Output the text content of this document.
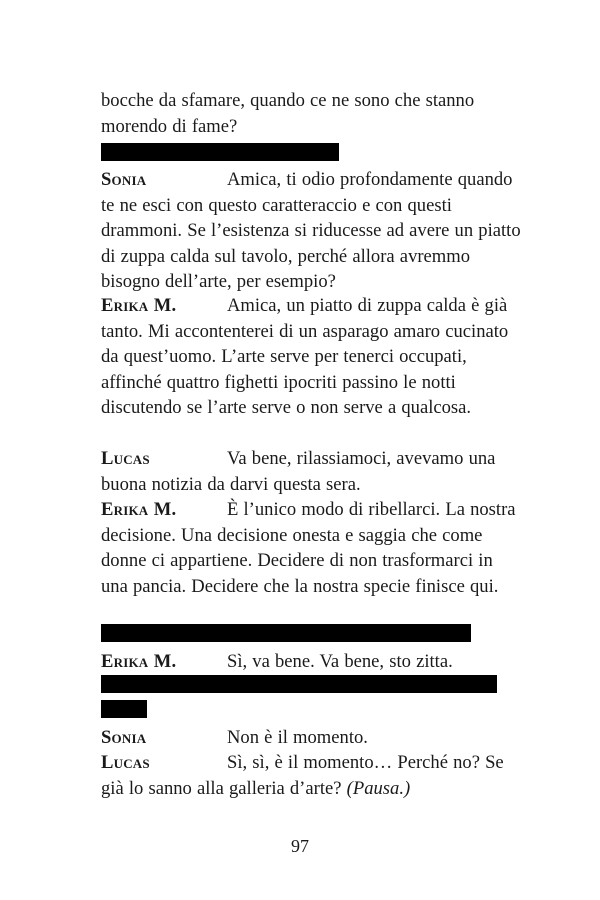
bocche da sfamare, quando ce ne sono che stanno morendo di fame?

Sonia	Amica, ti odio profondamente quando te ne esci con questo caratteraccio e con questi drammoni. Se l’esistenza si riducesse ad avere un piatto di zuppa calda sul tavolo, perché allora avremmo bisogno dell’arte, per esempio?

Erika M.	Amica, un piatto di zuppa calda è già tanto. Mi accontenterei di un asparago amaro cucinato da quest’uomo. L’arte serve per tenerci occupati, affinché quattro fighetti ipocriti passino le notti discutendo se l’arte serve o non serve a qualcosa.

Lucas	Va bene, rilassiamoci, avevamo una buona notizia da darvi questa sera.

Erika M.	È l’unico modo di ribellarci. La nostra decisione. Una decisione onesta e saggia che come donne ci appartiene. Decidere di non trasformarci in una pancia. Decidere che la nostra specie finisce qui.

Erika M.	Sì, va bene. Va bene, sto zitta.

Sonia	Non è il momento.

Lucas	Sì, sì, è il momento… Perché no? Se già lo sanno alla galleria d’arte? (Pausa.)

97
